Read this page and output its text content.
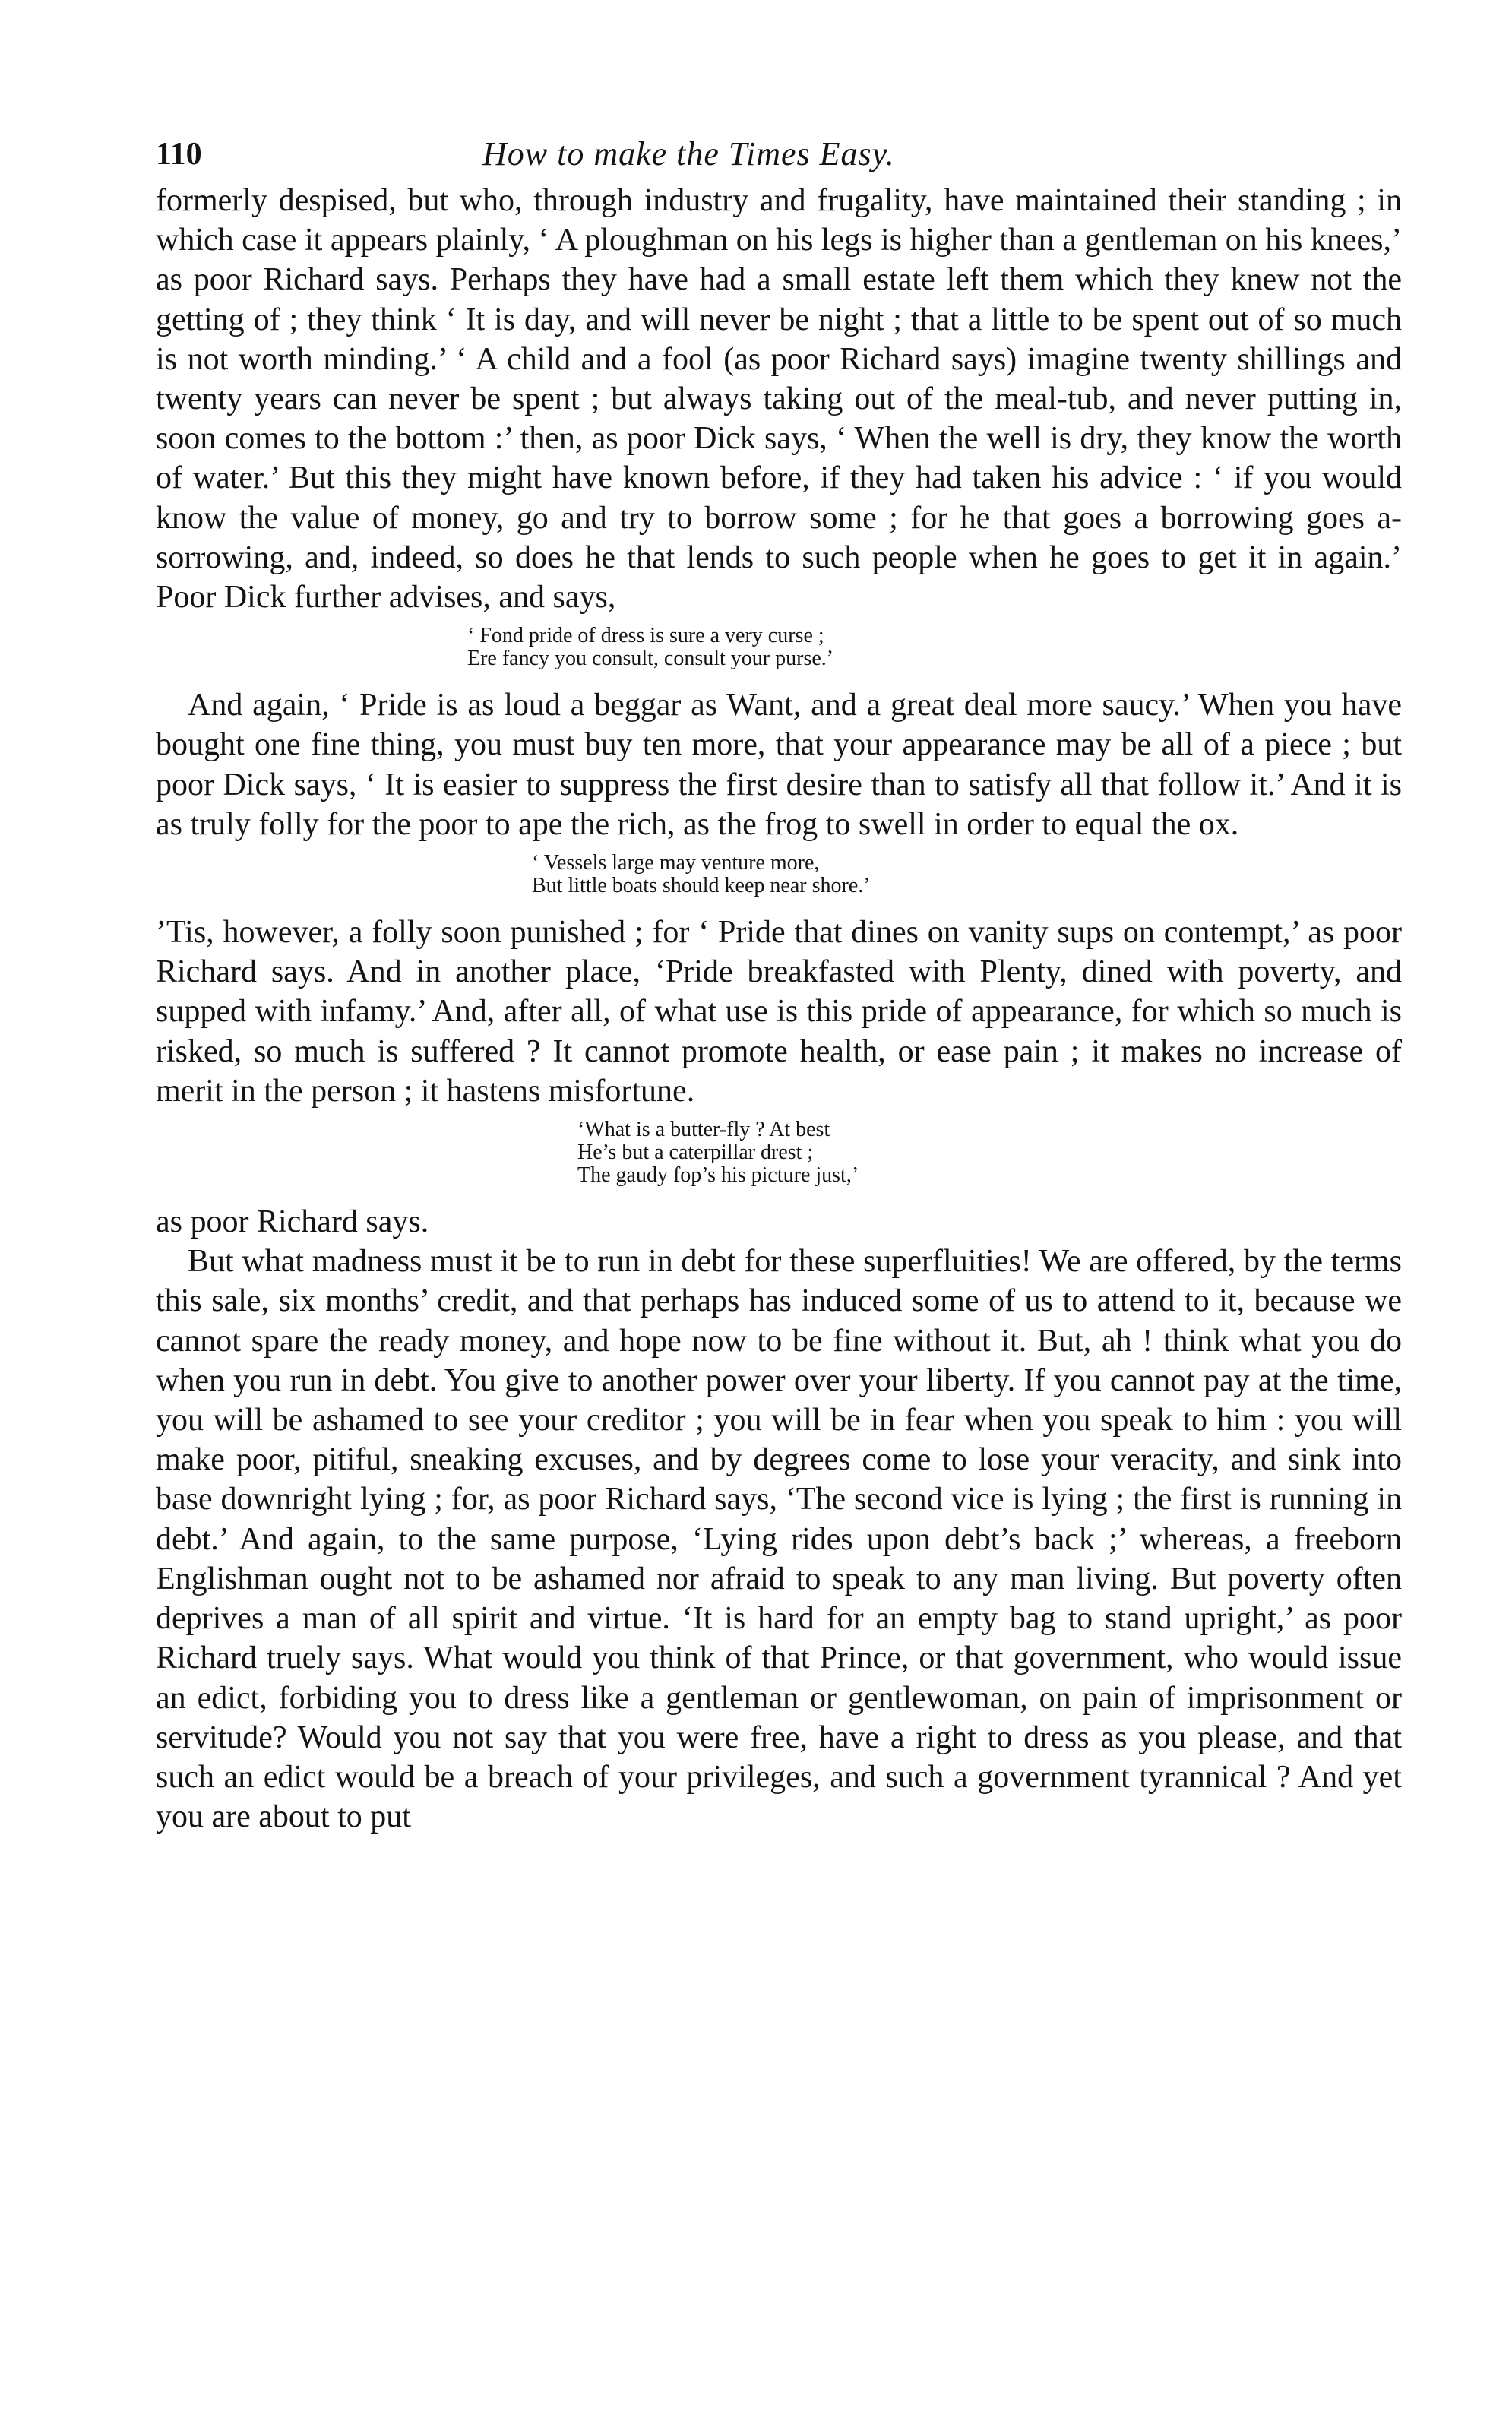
110	How to make the Times Easy.

formerly despised, but who, through industry and frugality, have maintained their standing ; in which case it appears plainly, ‘ A ploughman on his legs is higher than a gentleman on his knees,’ as poor Richard says. Perhaps they have had a small estate left them which they knew not the getting of ; they think ‘ It is day, and will never be night ; that a little to be spent out of so much is not worth minding.’ ‘ A child and a fool (as poor Richard says) imagine twenty shillings and twenty years can never be spent ; but always taking out of the meal-tub, and never putting in, soon comes to the bottom :’ then, as poor Dick says, ‘ When the well is dry, they know the worth of water.’ But this they might have known before, if they had taken his advice : ‘ if you would know the value of money, go and try to borrow some ; for he that goes a borrowing goes a-sorrowing, and, indeed, so does he that lends to such people when he goes to get it in again.’ Poor Dick further advises, and says,

‘ Fond pride of dress is sure a very curse ;
Ere fancy you consult, consult your purse.’

And again, ‘ Pride is as loud a beggar as Want, and a great deal more saucy.’ When you have bought one fine thing, you must buy ten more, that your appearance may be all of a piece ; but poor Dick says, ‘ It is easier to suppress the first desire than to satisfy all that follow it.’ And it is as truly folly for the poor to ape the rich, as the frog to swell in order to equal the ox.

‘ Vessels large may venture more,
But little boats should keep near shore.’

’Tis, however, a folly soon punished ; for ‘ Pride that dines on vanity sups on contempt,’ as poor Richard says. And in another place, ‘Pride breakfasted with Plenty, dined with poverty, and supped with infamy.’ And, after all, of what use is this pride of appearance, for which so much is risked, so much is suffered ? It cannot promote health, or ease pain ; it makes no increase of merit in the person ; it hastens misfortune.

‘What is a butter-fly ? At best
He’s but a caterpillar drest ;
The gaudy fop’s his picture just,’

as poor Richard says.

But what madness must it be to run in debt for these superfluities! We are offered, by the terms this sale, six months’ credit, and that perhaps has induced some of us to attend to it, because we cannot spare the ready money, and hope now to be fine without it. But, ah ! think what you do when you run in debt. You give to another power over your liberty. If you cannot pay at the time, you will be ashamed to see your creditor ; you will be in fear when you speak to him : you will make poor, pitiful, sneaking excuses, and by degrees come to lose your veracity, and sink into base downright lying ; for, as poor Richard says, ‘The second vice is lying ; the first is running in debt.’ And again, to the same purpose, ‘Lying rides upon debt’s back ;’ whereas, a freeborn Englishman ought not to be ashamed nor afraid to speak to any man living. But poverty often deprives a man of all spirit and virtue. ‘It is hard for an empty bag to stand upright,’ as poor Richard truely says. What would you think of that Prince, or that government, who would issue an edict, forbiding you to dress like a gentleman or gentlewoman, on pain of imprisonment or servitude? Would you not say that you were free, have a right to dress as you please, and that such an edict would be a breach of your privileges, and such a government tyrannical ? And yet you are about to put
